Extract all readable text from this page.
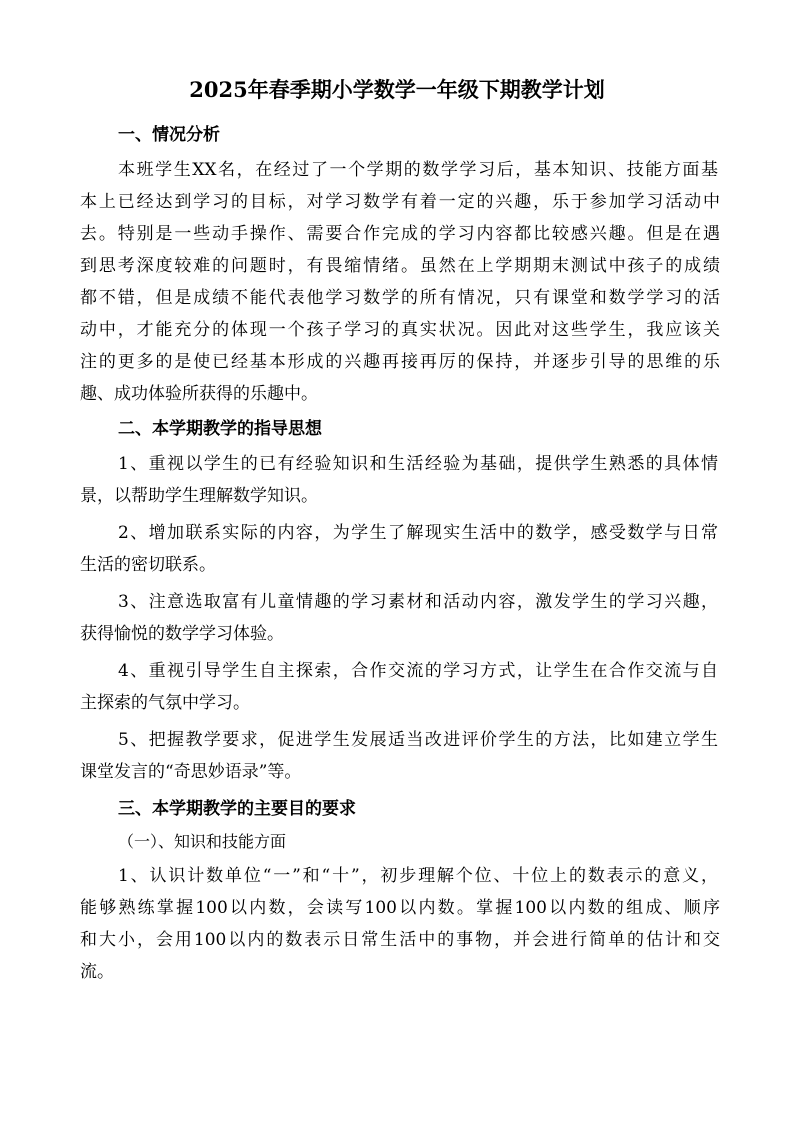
2025年春季期小学数学一年级下期教学计划
一、情况分析
本班学生XX名，在经过了一个学期的数学学习后，基本知识、技能方面基
本上已经达到学习的目标，对学习数学有着一定的兴趣，乐于参加学习活动中
去。特别是一些动手操作、需要合作完成的学习内容都比较感兴趣。但是在遇
到思考深度较难的问题时，有畏缩情绪。虽然在上学期期末测试中孩子的成绩
都不错，但是成绩不能代表他学习数学的所有情况，只有课堂和数学学习的活
动中，才能充分的体现一个孩子学习的真实状况。因此对这些学生，我应该关
注的更多的是使已经基本形成的兴趣再接再厉的保持，并逐步引导的思维的乐
趣、成功体验所获得的乐趣中。
二、本学期教学的指导思想
1、重视以学生的已有经验知识和生活经验为基础，提供学生熟悉的具体情
景，以帮助学生理解数学知识。
2、增加联系实际的内容，为学生了解现实生活中的数学，感受数学与日常
生活的密切联系。
3、注意选取富有儿童情趣的学习素材和活动内容，激发学生的学习兴趣，
获得愉悦的数学学习体验。
4、重视引导学生自主探索，合作交流的学习方式，让学生在合作交流与自
主探索的气氛中学习。
5、把握教学要求，促进学生发展适当改进评价学生的方法，比如建立学生
课堂发言的“奇思妙语录”等。
三、本学期教学的主要目的要求
（一）、知识和技能方面
1、认识计数单位“一”和“十”，初步理解个位、十位上的数表示的意义，
能够熟练掌握100以内数，会读写100以内数。掌握100以内数的组成、顺序
和大小，会用100以内的数表示日常生活中的事物，并会进行简单的估计和交
流。
